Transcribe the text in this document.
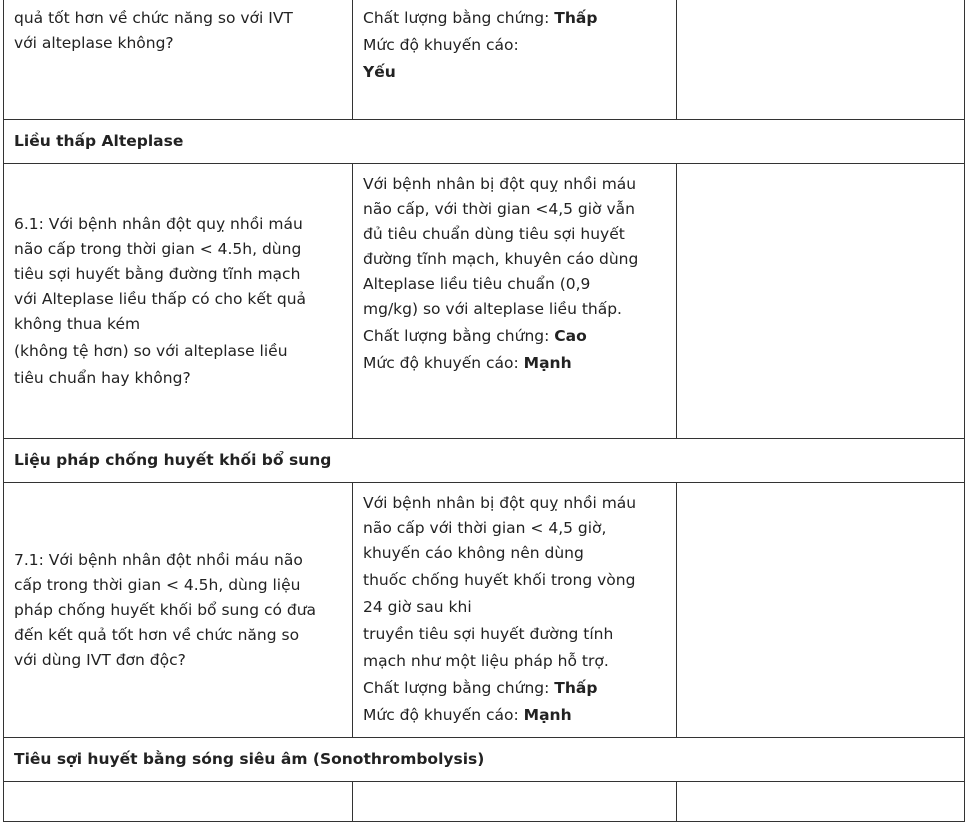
quả tốt hơn về chức năng so với IVT
với alteplase không?
Chất lượng bằng chứng: Thấp
Mức độ khuyến cáo:
Yếu
Liều thấp Alteplase
6.1: Với bệnh nhân đột quỵ nhồi máu
não cấp trong thời gian < 4.5h, dùng
tiêu sợi huyết bằng đường tĩnh mạch
với Alteplase liều thấp có cho kết quả
không thua kém
(không tệ hơn) so với alteplase liều
tiêu chuẩn hay không?
Với bệnh nhân bị đột quỵ nhồi máu
não cấp, với thời gian <4,5 giờ vẫn
đủ tiêu chuẩn dùng tiêu sợi huyết
đường tĩnh mạch, khuyên cáo dùng
Alteplase liều tiêu chuẩn (0,9
mg/kg) so với alteplase liều thấp.
Chất lượng bằng chứng: Cao
Mức độ khuyến cáo: Mạnh
Liệu pháp chống huyết khối bổ sung
7.1: Với bệnh nhân đột nhồi máu não
cấp trong thời gian < 4.5h, dùng liệu
pháp chống huyết khối bổ sung có đưa
đến kết quả tốt hơn về chức năng so
với dùng IVT đơn độc?
Với bệnh nhân bị đột quỵ nhồi máu
não cấp với thời gian < 4,5 giờ,
khuyến cáo không nên dùng
thuốc chống huyết khối trong vòng
24 giờ sau khi
truyền tiêu sợi huyết đường tính
mạch như một liệu pháp hỗ trợ.
Chất lượng bằng chứng: Thấp
Mức độ khuyến cáo: Mạnh
Tiêu sợi huyết bằng sóng siêu âm (Sonothrombolysis)
